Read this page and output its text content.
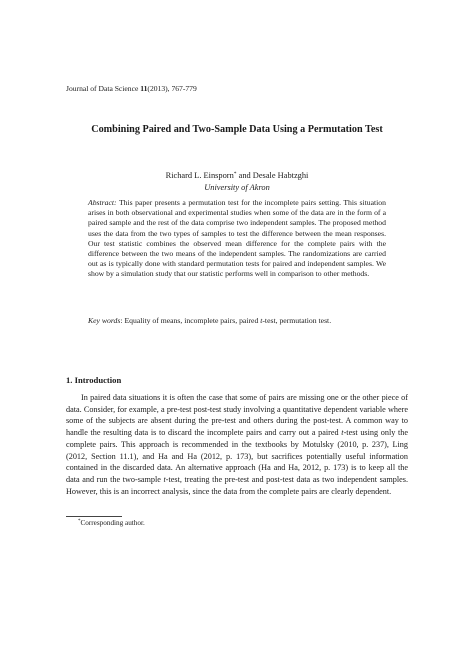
Journal of Data Science 11(2013), 767-779
Combining Paired and Two-Sample Data Using a Permutation Test
Richard L. Einsporn* and Desale Habtzghi
University of Akron
Abstract: This paper presents a permutation test for the incomplete pairs setting. This situation arises in both observational and experimental studies when some of the data are in the form of a paired sample and the rest of the data comprise two independent samples. The proposed method uses the data from the two types of samples to test the difference between the mean responses. Our test statistic combines the observed mean difference for the complete pairs with the difference between the two means of the independent samples. The randomizations are carried out as is typically done with standard permutation tests for paired and independent samples. We show by a simulation study that our statistic performs well in comparison to other methods.
Key words: Equality of means, incomplete pairs, paired t-test, permutation test.
1. Introduction
In paired data situations it is often the case that some of pairs are missing one or the other piece of data. Consider, for example, a pre-test post-test study involving a quantitative dependent variable where some of the subjects are absent during the pre-test and others during the post-test. A common way to handle the resulting data is to discard the incomplete pairs and carry out a paired t-test using only the complete pairs. This approach is recommended in the textbooks by Motulsky (2010, p. 237), Ling (2012, Section 11.1), and Ha and Ha (2012, p. 173), but sacrifices potentially useful information contained in the discarded data. An alternative approach (Ha and Ha, 2012, p. 173) is to keep all the data and run the two-sample t-test, treating the pre-test and post-test data as two independent samples. However, this is an incorrect analysis, since the data from the complete pairs are clearly dependent.
*Corresponding author.
